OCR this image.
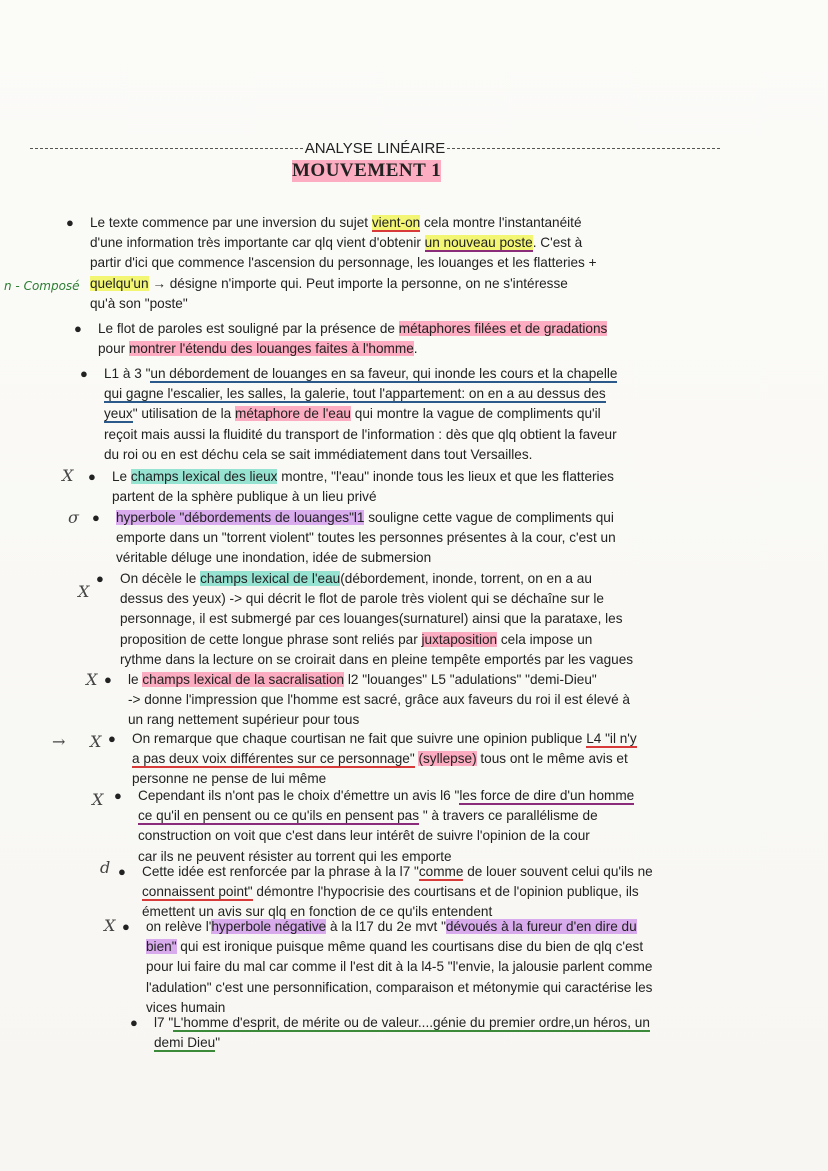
ANALYSE LINÉAIRE
MOUVEMENT 1
n - Composé
X
σ
X
X
→ X
X
d
X
● Le texte commence par une inversion du sujet vient-on cela montre l'instantanéité
d'une information très importante car qlq vient d'obtenir un nouveau poste. C'est à
partir d'ici que commence l'ascension du personnage, les louanges et les flatteries +
quelqu'un → désigne n'importe qui. Peut importe la personne, on ne s'intéresse
qu'à son "poste"

● Le flot de paroles est souligné par la présence de métaphores filées et de gradations
pour montrer l'étendu des louanges faites à l'homme.

● L1 à 3 "un débordement de louanges en sa faveur, qui inonde les cours et la chapelle
qui gagne l'escalier, les salles, la galerie, tout l'appartement: on en a au dessus des
yeux" utilisation de la métaphore de l'eau qui montre la vague de compliments qu'il
reçoit mais aussi la fluidité du transport de l'information : dès que qlq obtient la faveur
du roi ou en est déchu cela se sait immédiatement dans tout Versailles.

● Le champs lexical des lieux montre, "l'eau" inonde tous les lieux et que les flatteries
partent de la sphère publique à un lieu privé

● hyperbole "débordements de louanges"l1 souligne cette vague de compliments qui
emporte dans un "torrent violent" toutes les personnes présentes à la cour, c'est un
véritable déluge une inondation, idée de submersion

● On décèle le champs lexical de l'eau(débordement, inonde, torrent, on en a au
dessus des yeux) -> qui décrit le flot de parole très violent qui se déchaîne sur le
personnage, il est submergé par ces louanges(surnaturel) ainsi que la parataxe, les
proposition de cette longue phrase sont reliés par juxtaposition cela impose un
rythme dans la lecture on se croirait dans en pleine tempête emportés par les vagues

● le champs lexical de la sacralisation l2 "louanges" L5 "adulations" "demi-Dieu"
-> donne l'impression que l'homme est sacré, grâce aux faveurs du roi il est élevé à
un rang nettement supérieur pour tous

● On remarque que chaque courtisan ne fait que suivre une opinion publique L4 "il n'y
a pas deux voix différentes sur ce personnage" (syllepse) tous ont le même avis et
personne ne pense de lui même

● Cependant ils n'ont pas le choix d'émettre un avis l6 "les force de dire d'un homme
ce qu'il en pensent ou ce qu'ils en pensent pas " à travers ce parallélisme de
construction on voit que c'est dans leur intérêt de suivre l'opinion de la cour
car ils ne peuvent résister au torrent qui les emporte

● Cette idée est renforcée par la phrase à la l7 "comme de louer souvent celui qu'ils ne
connaissent point" démontre l'hypocrisie des courtisans et de l'opinion publique, ils
émettent un avis sur qlq en fonction de ce qu'ils entendent

● on relève l'hyperbole négative à la l17 du 2e mvt "dévoués à la fureur d'en dire du
bien" qui est ironique puisque même quand les courtisans dise du bien de qlq c'est
pour lui faire du mal car comme il l'est dit à la l4-5 "l'envie, la jalousie parlent comme
l'adulation" c'est une personnification, comparaison et métonymie qui caractérise les
vices humain

● l7 "L'homme d'esprit, de mérite ou de valeur....génie du premier ordre,un héros, un
demi Dieu"
